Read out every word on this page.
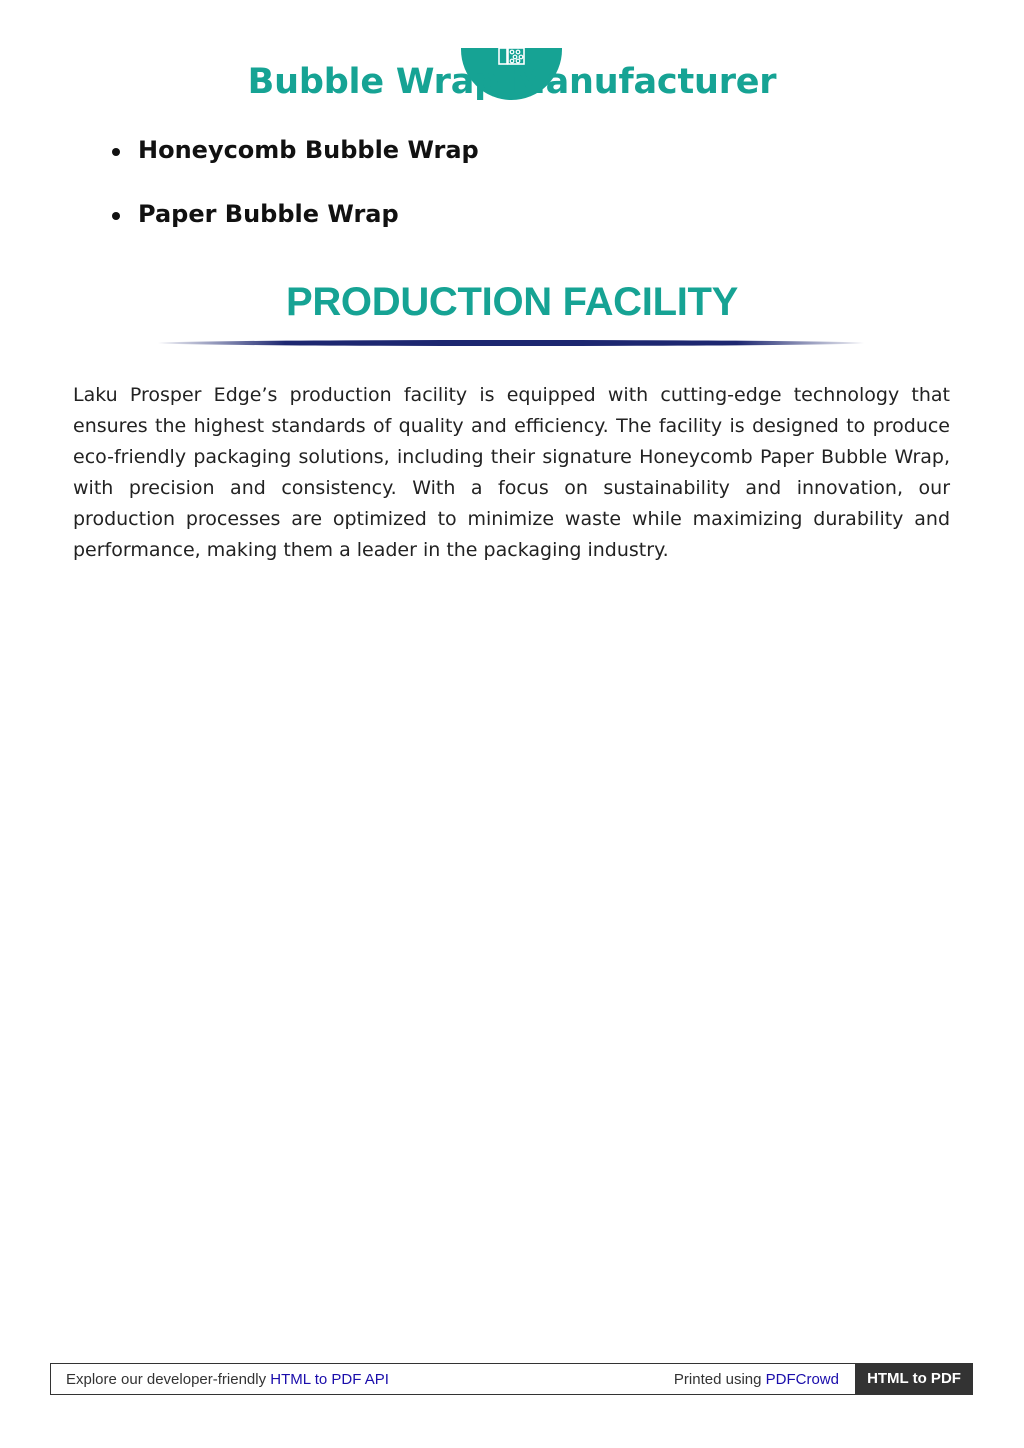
Bubble Wrap Manufacturer
Honeycomb Bubble Wrap
Paper Bubble Wrap
PRODUCTION FACILITY

Laku Prosper Edge’s production facility is equipped with cutting-edge technology that ensures the highest standards of quality and efficiency. The facility is designed to produce eco-friendly packaging solutions, including their signature Honeycomb Paper Bubble Wrap, with precision and consistency. With a focus on sustainability and innovation, our production processes are optimized to minimize waste while maximizing durability and performance, making them a leader in the packaging industry.

Explore our developer-friendly HTML to PDF API	Printed using PDFCrowd	HTML to PDF
